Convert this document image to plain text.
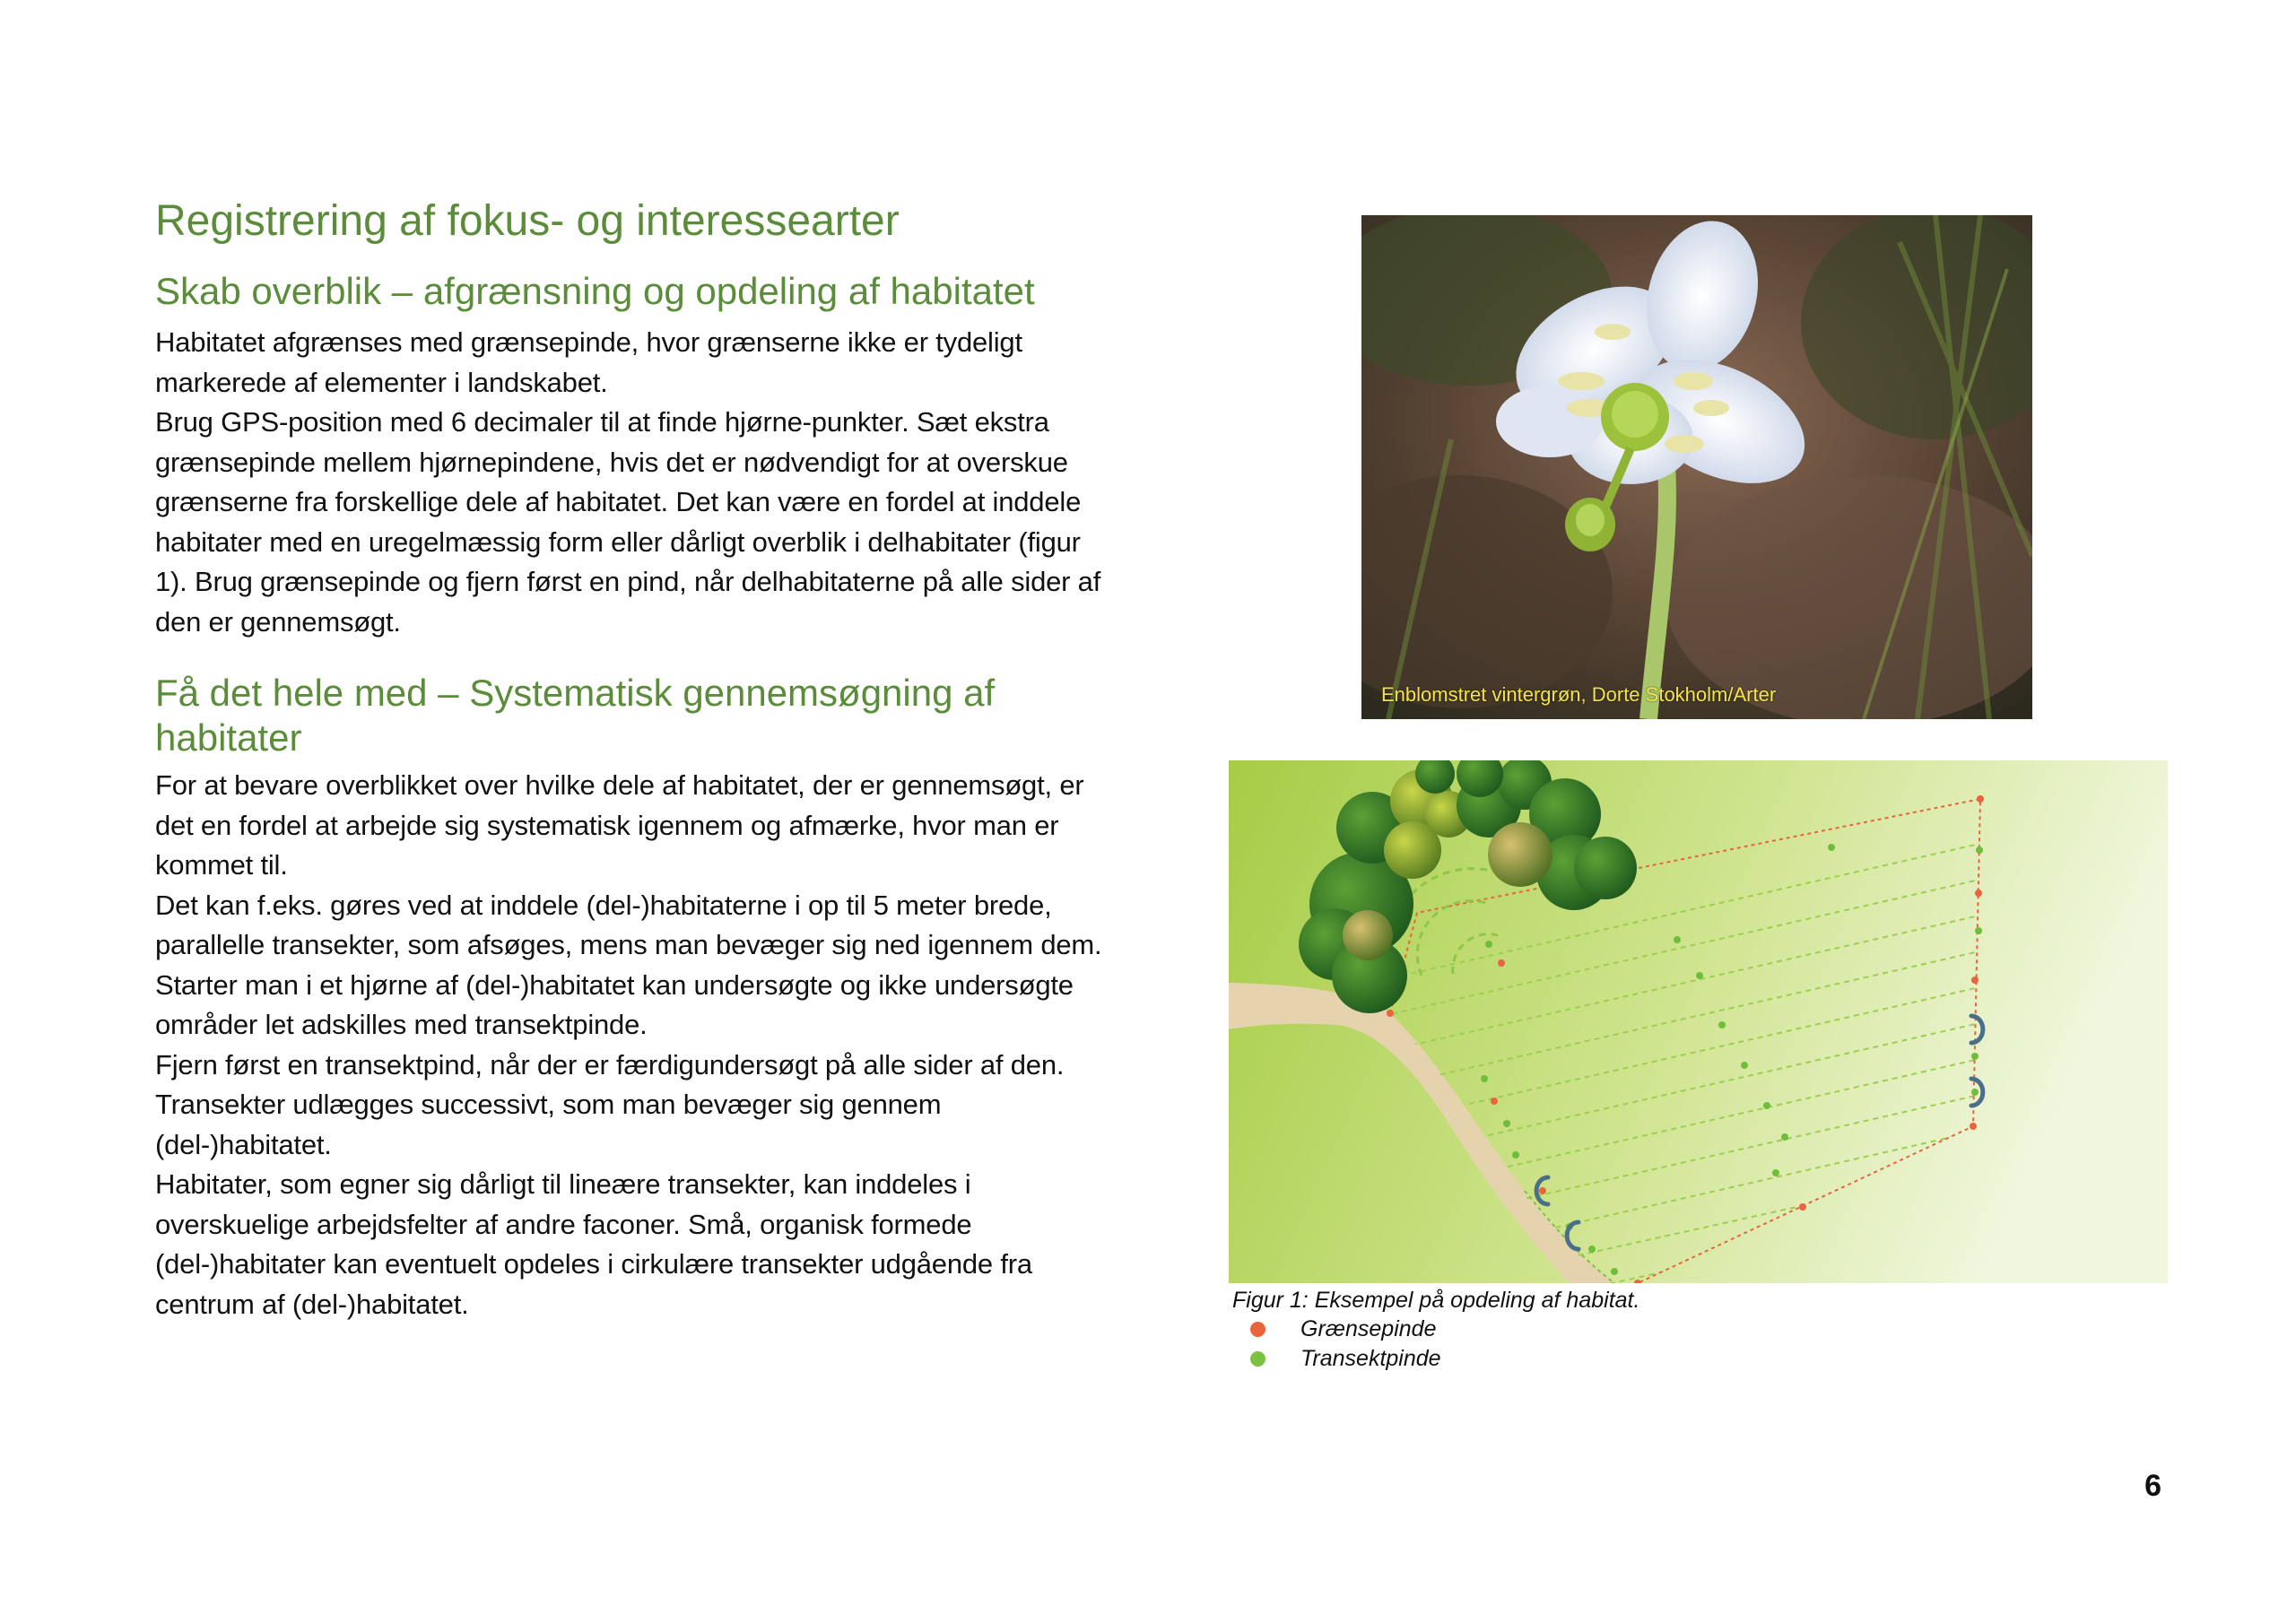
Registrering af fokus- og interessearter
Skab overblik – afgrænsning og opdeling af habitatet

Habitatet afgrænses med grænsepinde, hvor grænserne ikke er tydeligt markerede af elementer i landskabet.

Brug GPS-position med 6 decimaler til at finde hjørne-punkter. Sæt ekstra grænsepinde mellem hjørnepindene, hvis det er nødvendigt for at overskue grænserne fra forskellige dele af habitatet. Det kan være en fordel at inddele habitater med en uregelmæssig form eller dårligt overblik i delhabitater (figur 1). Brug grænsepinde og fjern først en pind, når delhabitaterne på alle sider af den er gennemsøgt.

Få det hele med – Systematisk gennemsøgning af habitater

For at bevare overblikket over hvilke dele af habitatet, der er gennemsøgt, er det en fordel at arbejde sig systematisk igennem og afmærke, hvor man er kommet til.

Det kan f.eks. gøres ved at inddele (del-)habitaterne i op til 5 meter brede, parallelle transekter, som afsøges, mens man bevæger sig ned igennem dem. Starter man i et hjørne af (del-)habitatet kan undersøgte og ikke undersøgte områder let adskilles med transektpinde.

Fjern først en transektpind, når der er færdigundersøgt på alle sider af den. Transekter udlægges successivt, som man bevæger sig gennem (del-)habitatet.

Habitater, som egner sig dårligt til lineære transekter, kan inddeles i overskuelige arbejdsfelter af andre faconer. Små, organisk formede (del-)habitater kan eventuelt opdeles i cirkulære transekter udgående fra centrum af (del-)habitatet.

Enblomstret vintergrøn, Dorte Stokholm/Arter
Figur 1: Eksempel på opdeling af habitat.
Grænsepinde
Transektpinde
6
